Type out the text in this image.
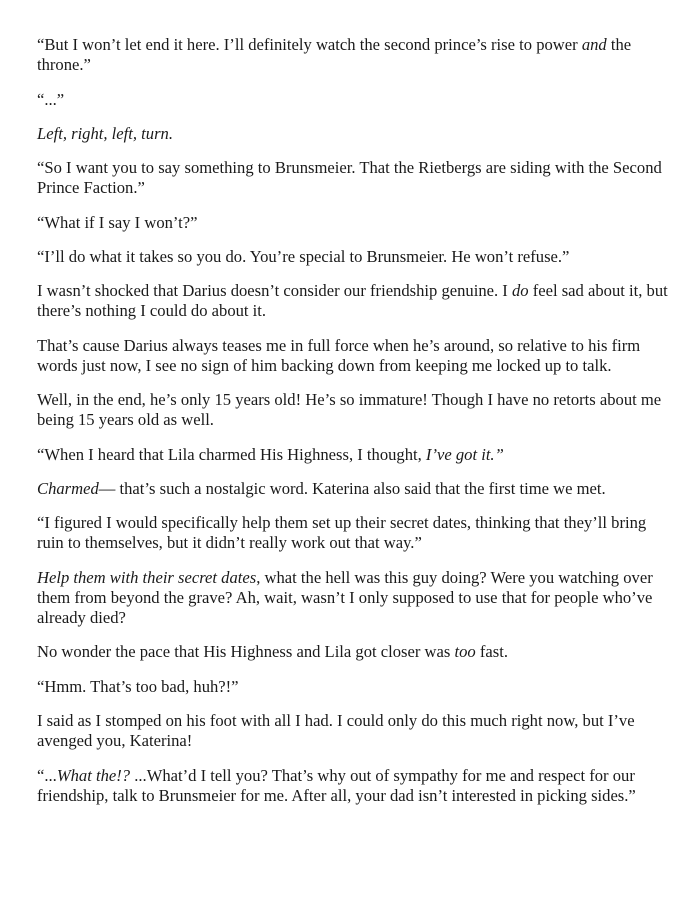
“But I won’t let end it here. I’ll definitely watch the second prince’s rise to power and the throne.”

“...”

Left, right, left, turn.

“So I want you to say something to Brunsmeier. That the Rietbergs are siding with the Second Prince Faction.”

“What if I say I won’t?”

“I’ll do what it takes so you do. You’re special to Brunsmeier. He won’t refuse.”

I wasn’t shocked that Darius doesn’t consider our friendship genuine. I do feel sad about it, but there’s nothing I could do about it.

That’s cause Darius always teases me in full force when he’s around, so relative to his firm words just now, I see no sign of him backing down from keeping me locked up to talk.

Well, in the end, he’s only 15 years old! He’s so immature! Though I have no retorts about me being 15 years old as well.

“When I heard that Lila charmed His Highness, I thought, I’ve got it.”

Charmed— that’s such a nostalgic word. Katerina also said that the first time we met.

“I figured I would specifically help them set up their secret dates, thinking that they’ll bring ruin to themselves, but it didn’t really work out that way.”

Help them with their secret dates, what the hell was this guy doing? Were you watching over them from beyond the grave? Ah, wait, wasn’t I only supposed to use that for people who’ve already died?

No wonder the pace that His Highness and Lila got closer was too fast.

“Hmm. That’s too bad, huh?!”

I said as I stomped on his foot with all I had. I could only do this much right now, but I’ve avenged you, Katerina!

“...What the!? ...What’d I tell you? That’s why out of sympathy for me and respect for our friendship, talk to Brunsmeier for me. After all, your dad isn’t interested in picking sides.”
